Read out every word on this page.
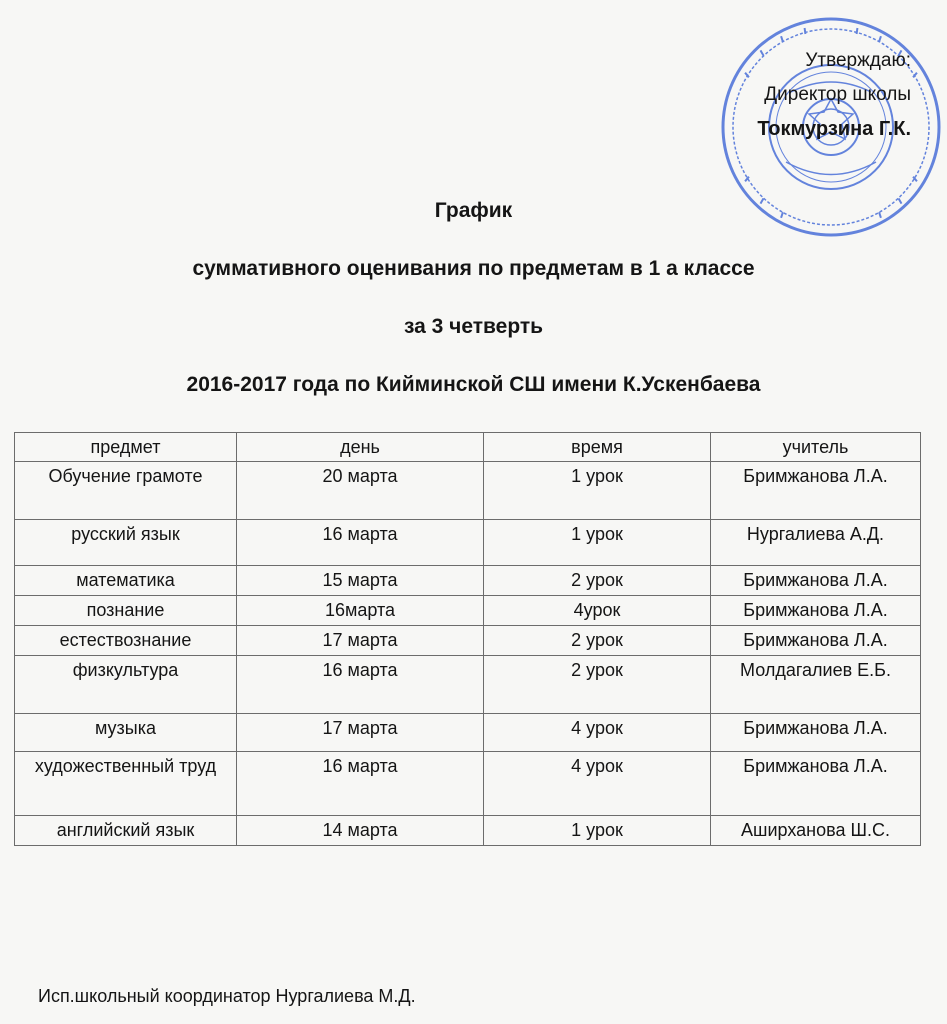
Утверждаю:
Директор школы
Токмурзина Г.К.
График
суммативного оценивания по предметам в 1 а классе
за 3 четверть
2016-2017 года по Кийминской СШ имени К.Ускенбаева
предмет	день	время	учитель
Обучение грамоте	20 марта	1 урок	Бримжанова Л.А.
русский язык	16 марта	1 урок	Нургалиева А.Д.
математика	15 марта	2 урок	Бримжанова Л.А.
познание	16марта	4урок	Бримжанова Л.А.
естествознание	17 марта	2 урок	Бримжанова Л.А.
физкультура	16 марта	2 урок	Молдагалиев Е.Б.
музыка	17 марта	4 урок	Бримжанова Л.А.
художественный труд	16 марта	4 урок	Бримжанова Л.А.
английский язык	14 марта	1 урок	Аширханова Ш.С.
Исп.школьный координатор Нургалиева М.Д.
